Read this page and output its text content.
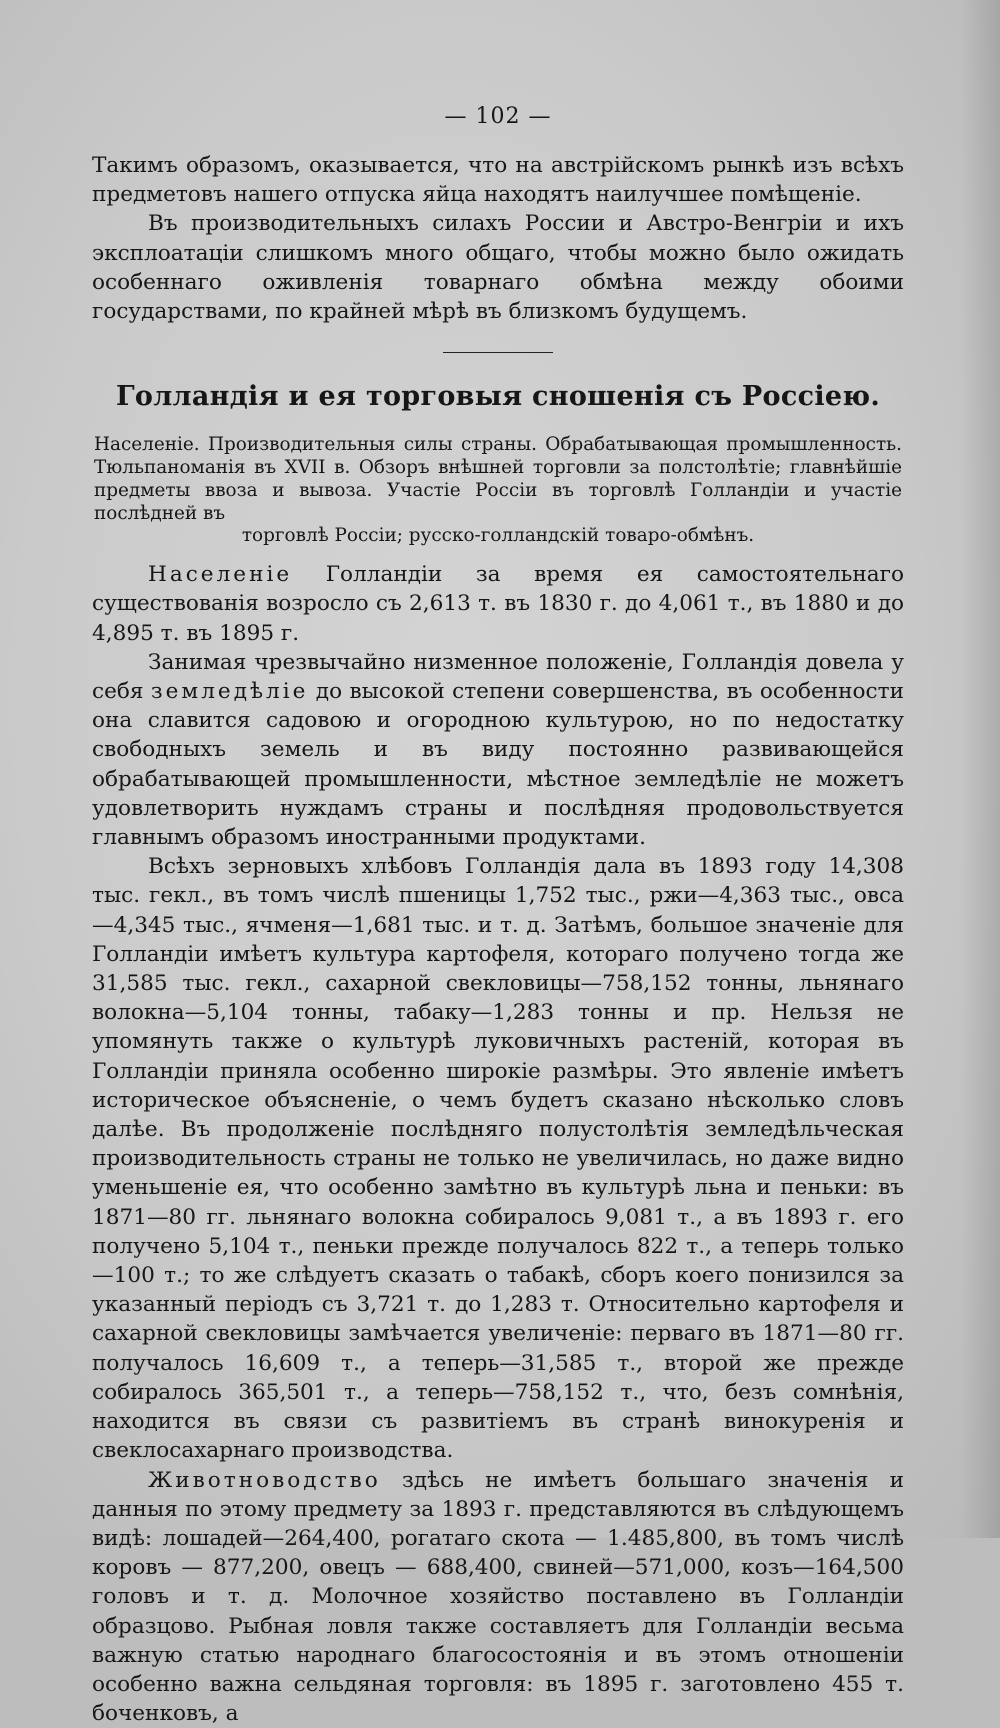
— 102 —

Такимъ образомъ, оказывается, что на австрійскомъ рынкѣ изъ всѣхъ предметовъ нашего отпуска яйца находятъ наилучшее помѣщеніе.

Въ производительныхъ силахъ России и Австро-Венгріи и ихъ эксплоатаціи слишкомъ много общаго, чтобы можно было ожидать особеннаго оживленія товарнаго обмѣна между обоими государствами, по крайней мѣрѣ въ близкомъ будущемъ.

Голландія и ея торговыя сношенія съ Россіею.
Населеніе. Производительныя силы страны. Обрабатывающая промышленность. Тюльпаноманія въ XVII в. Обзоръ внѣшней торговли за полстолѣтіе; главнѣйшіе предметы ввоза и вывоза. Участіе Россіи въ торговлѣ Голландіи и участіе послѣдней въ
торговлѣ Россіи; русско-голландскій товаро-обмѣнъ.

Населеніе Голландіи за время ея самостоятельнаго существованія возросло съ 2,613 т. въ 1830 г. до 4,061 т., въ 1880 и до 4,895 т. въ 1895 г.

Занимая чрезвычайно низменное положеніе, Голландія довела у себя земледѣліе до высокой степени совершенства, въ особенности она славится садовою и огородною культурою, но по недостатку свободныхъ земель и въ виду постоянно развивающейся обрабатывающей промышленности, мѣстное земледѣліе не можетъ удовлетворить нуждамъ страны и послѣдняя продовольствуется главнымъ образомъ иностранными продуктами.

Всѣхъ зерновыхъ хлѣбовъ Голландія дала въ 1893 году 14,308 тыс. гекл., въ томъ числѣ пшеницы 1,752 тыс., ржи—4,363 тыс., овса—4,345 тыс., ячменя—1,681 тыс. и т. д. Затѣмъ, большое значеніе для Голландіи имѣетъ культура картофеля, котораго получено тогда же 31,585 тыс. гекл., сахарной свекловицы—758,152 тонны, льнянаго волокна—5,104 тонны, табаку—1,283 тонны и пр. Нельзя не упомянуть также о культурѣ луковичныхъ растеній, которая въ Голландіи приняла особенно широкіе размѣры. Это явленіе имѣетъ историческое объясненіе, о чемъ будетъ сказано нѣсколько словъ далѣе. Въ продолженіе послѣдняго полустолѣтія земледѣльческая производительность страны не только не увеличилась, но даже видно уменьшеніе ея, что особенно замѣтно въ культурѣ льна и пеньки: въ 1871—80 гг. льнянаго волокна собиралось 9,081 т., а въ 1893 г. его получено 5,104 т., пеньки прежде получалось 822 т., а теперь только—100 т.; то же слѣдуетъ сказать о табакѣ, сборъ коего понизился за указанный періодъ съ 3,721 т. до 1,283 т. Относительно картофеля и сахарной свекловицы замѣчается увеличеніе: перваго въ 1871—80 гг. получалось 16,609 т., а теперь—31,585 т., второй же прежде собиралось 365,501 т., а теперь—758,152 т., что, безъ сомнѣнія, находится въ связи съ развитіемъ въ странѣ винокуренія и свеклосахарнаго производства.

Животноводство здѣсь не имѣетъ большаго значенія и данныя по этому предмету за 1893 г. представляются въ слѣдующемъ видѣ: лошадей—264,400, рогатаго скота — 1.485,800, въ томъ числѣ коровъ — 877,200, овецъ — 688,400, свиней—571,000, козъ—164,500 головъ и т. д. Молочное хозяйство поставлено въ Голландіи образцово. Рыбная ловля также составляетъ для Голландіи весьма важную статью народнаго благосостоянія и въ этомъ отношеніи особенно важна сельдяная торговля: въ 1895 г. заготовлено 455 т. боченковъ, а
